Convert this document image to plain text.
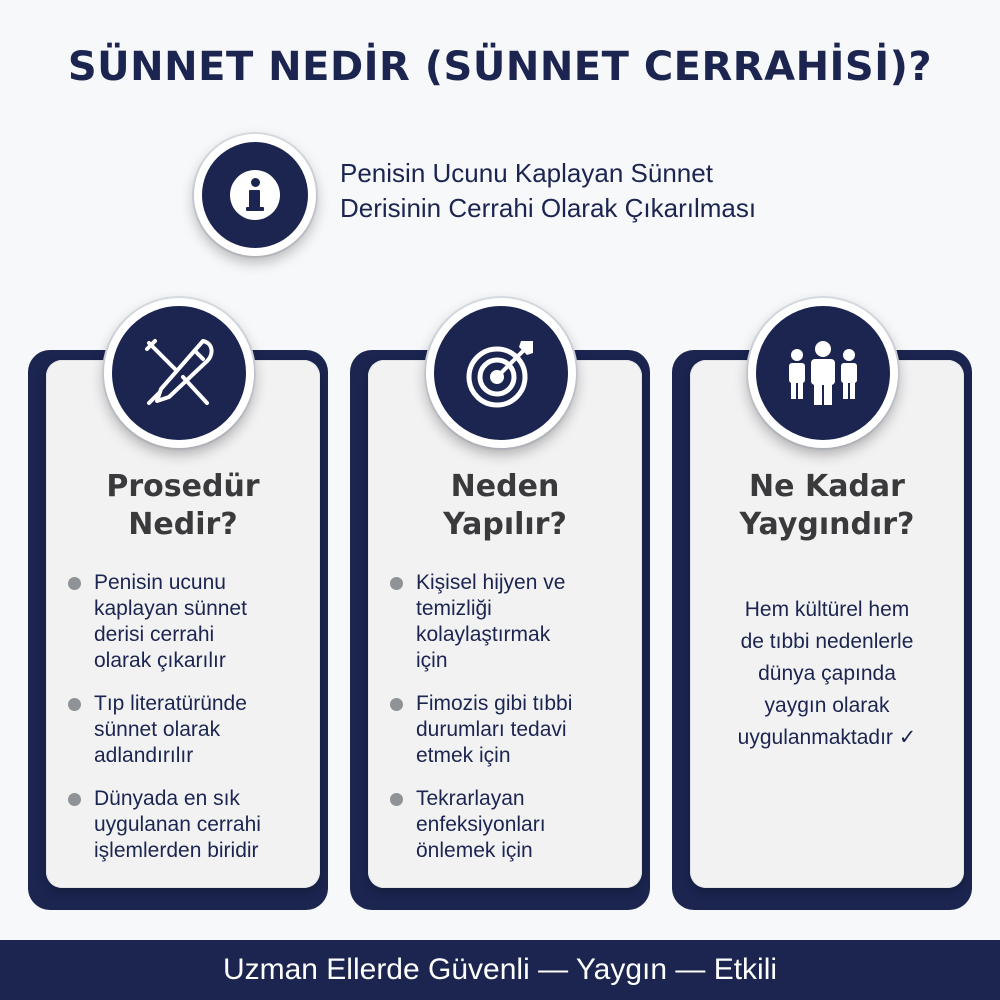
SÜNNET NEDİR (SÜNNET CERRAHİSİ)?
Penisin Ucunu Kaplayan Sünnet
Derisinin Cerrahi Olarak Çıkarılması
Prosedür
Nedir?
Penisin ucunu
kaplayan sünnet
derisi cerrahi
olarak çıkarılır
Tıp literatüründe
sünnet olarak
adlandırılır
Dünyada en sık
uygulanan cerrahi
işlemlerden biridir
Neden
Yapılır?
Kişisel hijyen ve
temizliği
kolaylaştırmak
için
Fimozis gibi tıbbi
durumları tedavi
etmek için
Tekrarlayan
enfeksiyonları
önlemek için
Ne Kadar
Yaygındır?
Hem kültürel hem
de tıbbi nedenlerle
dünya çapında
yaygın olarak
uygulanmaktadır ✓
Uzman Ellerde Güvenli — Yaygın — Etkili
